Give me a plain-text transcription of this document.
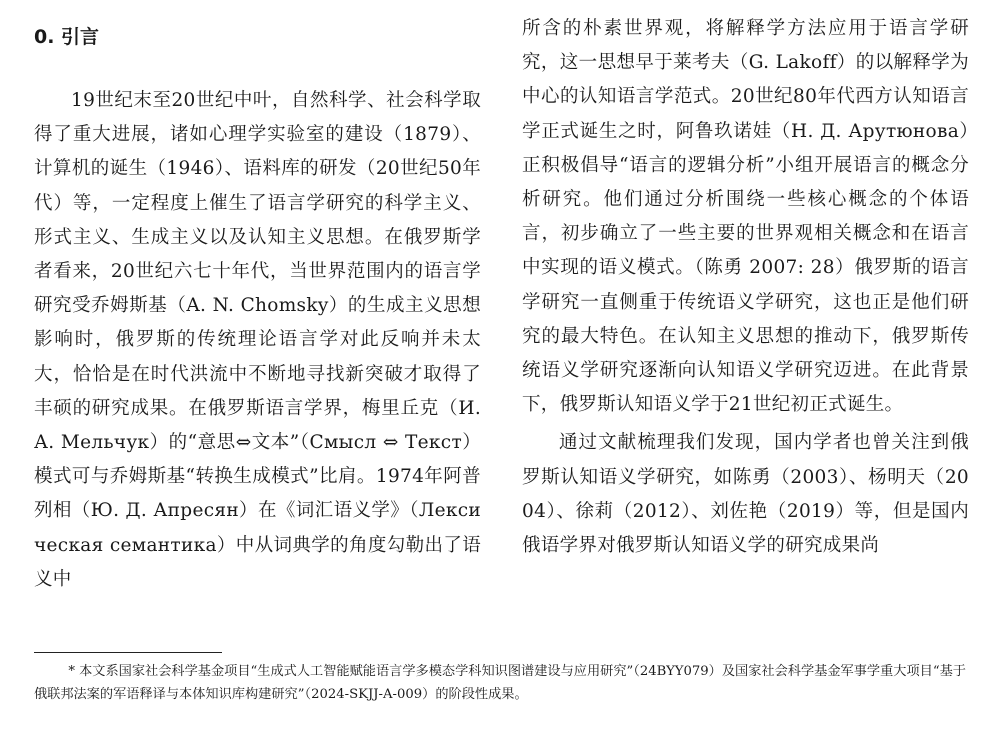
0. 引言

19世纪末至20世纪中叶，自然科学、社会科学取得了重大进展，诸如心理学实验室的建设（1879）、计算机的诞生（1946）、语料库的研发（20世纪50年代）等，一定程度上催生了语言学研究的科学主义、形式主义、生成主义以及认知主义思想。在俄罗斯学者看来，20世纪六七十年代，当世界范围内的语言学研究受乔姆斯基（A. N. Chomsky）的生成主义思想影响时，俄罗斯的传统理论语言学对此反响并未太大，恰恰是在时代洪流中不断地寻找新突破才取得了丰硕的研究成果。在俄罗斯语言学界，梅里丘克（И. А. Мельчук）的“意思⇔文本”（Смысл ⇔ Текст）模式可与乔姆斯基“转换生成模式”比肩。1974年阿普列相（Ю. Д. Апресян）在《词汇语义学》（Лексическая семантика）中从词典学的角度勾勒出了语义中

所含的朴素世界观，将解释学方法应用于语言学研究，这一思想早于莱考夫（G. Lakoff）的以解释学为中心的认知语言学范式。20世纪80年代西方认知语言学正式诞生之时，阿鲁玖诺娃（Н. Д. Арутюнова）正积极倡导“语言的逻辑分析”小组开展语言的概念分析研究。他们通过分析围绕一些核心概念的个体语言，初步确立了一些主要的世界观相关概念和在语言中实现的语义模式。（陈勇 2007: 28）俄罗斯的语言学研究一直侧重于传统语义学研究，这也正是他们研究的最大特色。在认知主义思想的推动下，俄罗斯传统语义学研究逐渐向认知语义学研究迈进。在此背景下，俄罗斯认知语义学于21世纪初正式诞生。

通过文献梳理我们发现，国内学者也曾关注到俄罗斯认知语义学研究，如陈勇（2003）、杨明天（2004）、徐莉（2012）、刘佐艳（2019）等，但是国内俄语学界对俄罗斯认知语义学的研究成果尚

* 本文系国家社会科学基金项目“生成式人工智能赋能语言学多模态学科知识图谱建设与应用研究”（24BYY079）及国家社会科学基金军事学重大项目“基于俄联邦法案的军语释译与本体知识库构建研究”（2024-SKJJ-A-009）的阶段性成果。
